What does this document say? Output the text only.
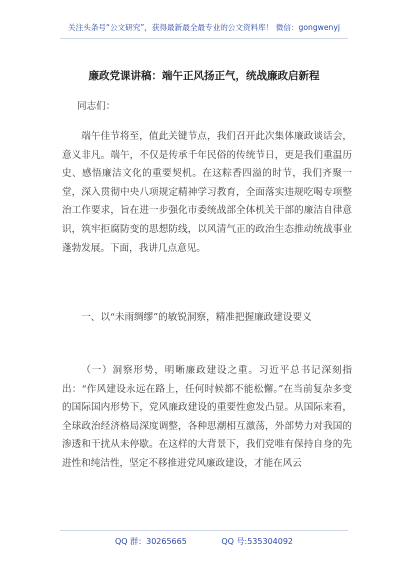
关注头条号“公文研究”，获得最新最全最专业的公文资料库！ 微信：gongwenyj
廉政党课讲稿：端午正风扬正气，统战廉政启新程
同志们：
端午佳节将至，值此关键节点，我们召开此次集体廉政谈话会，意义非凡。端午，不仅是传承千年民俗的传统节日，更是我们重温历史、感悟廉洁文化的重要契机。在这粽香四溢的时节，我们齐聚一堂，深入贯彻中央八项规定精神学习教育，全面落实违规吃喝专项整治工作要求，旨在进一步强化市委统战部全体机关干部的廉洁自律意识，筑牢拒腐防变的思想防线，以风清气正的政治生态推动统战事业蓬勃发展。下面，我讲几点意见。
一、以“未雨绸缪”的敏锐洞察，精准把握廉政建设要义
（一）洞察形势，明晰廉政建设之重。习近平总书记深刻指出：“作风建设永远在路上，任何时候都不能松懈。”在当前复杂多变的国际国内形势下，党风廉政建设的重要性愈发凸显。从国际来看，全球政治经济格局深度调整，各种思潮相互激荡，外部势力对我国的渗透和干扰从未停歇。在这样的大背景下，我们党唯有保持自身的先进性和纯洁性，坚定不移推进党风廉政建设，才能在风云
QQ 群：30265665	QQ 号:535304092
